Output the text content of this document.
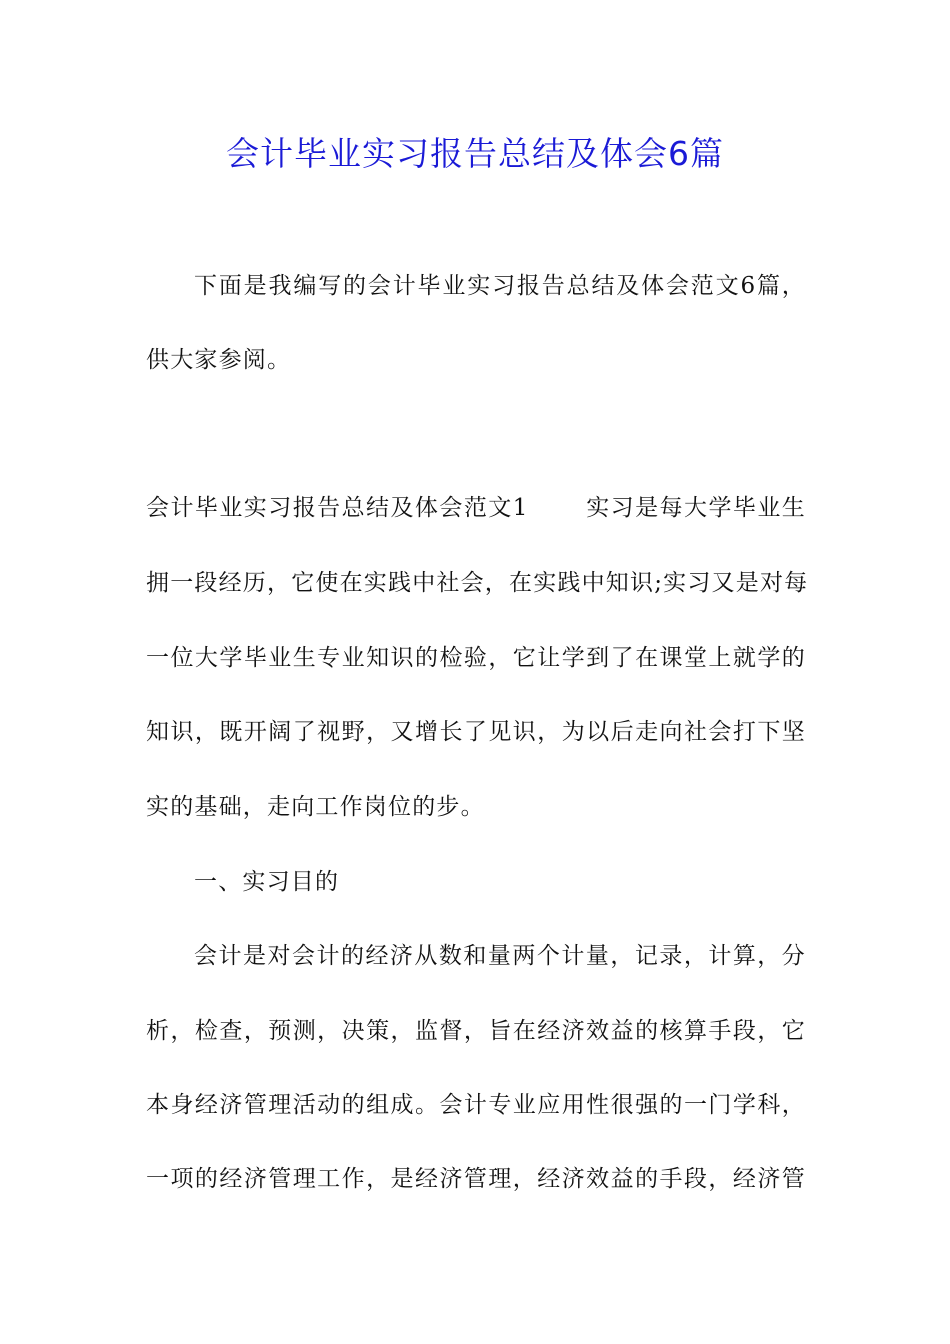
会计毕业实习报告总结及体会6篇
下面是我编写的会计毕业实习报告总结及体会范文6篇，
供大家参阅。
会计毕业实习报告总结及体会范文1 　　实习是每大学毕业生
拥一段经历，它使在实践中社会，在实践中知识;实习又是对每
一位大学毕业生专业知识的检验，它让学到了在课堂上就学的
知识，既开阔了视野，又增长了见识，为以后走向社会打下坚
实的基础，走向工作岗位的步。
一、实习目的
会计是对会计的经济从数和量两个计量，记录，计算，分
析，检查，预测，决策，监督，旨在经济效益的核算手段，它
本身经济管理活动的组成。会计专业应用性很强的一门学科，
一项的经济管理工作，是经济管理，经济效益的手段，经济管
